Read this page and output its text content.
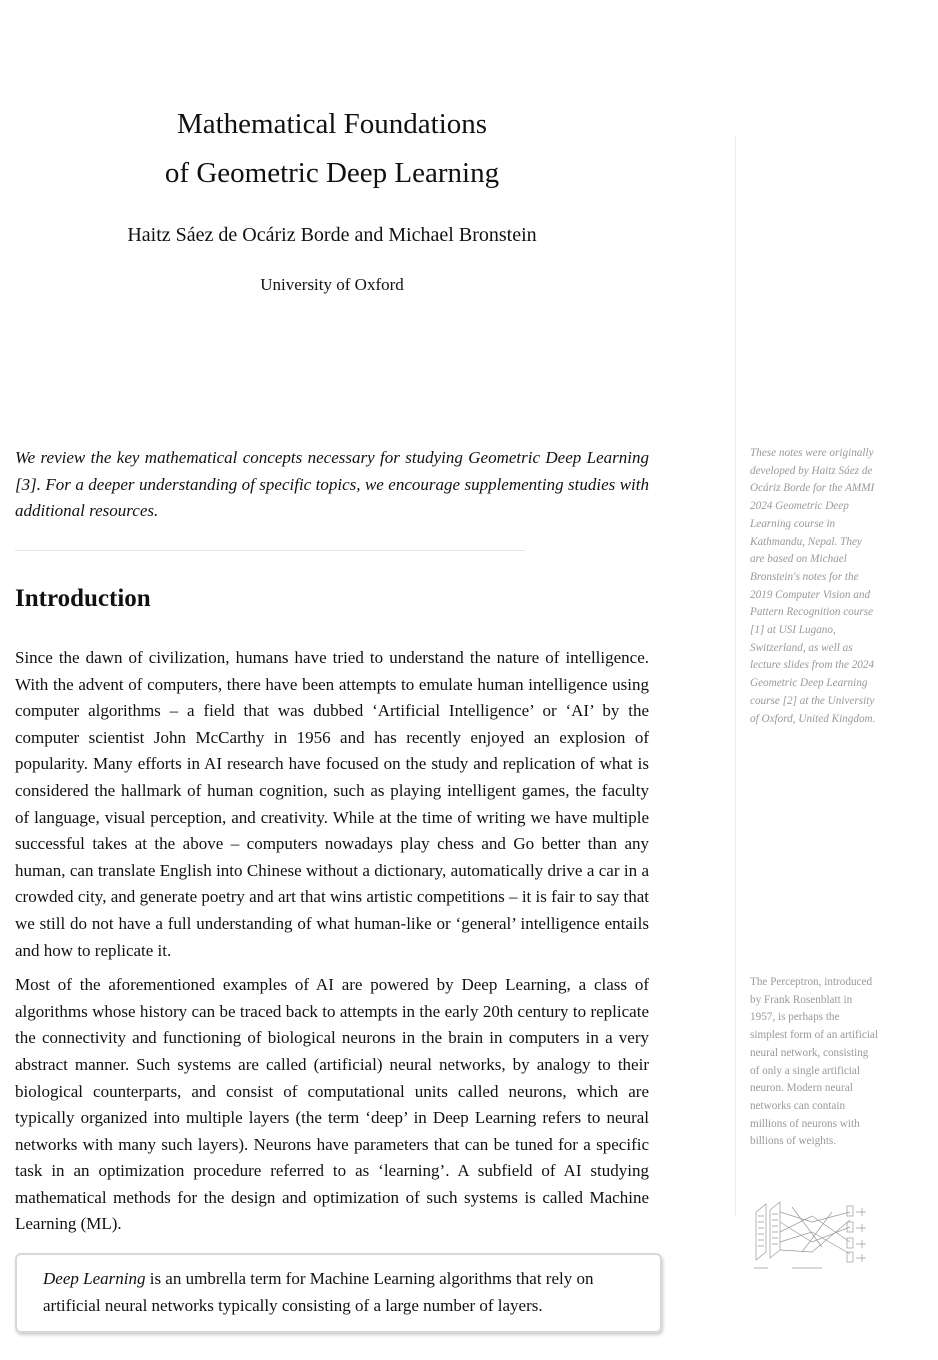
Mathematical Foundations
of Geometric Deep Learning
Haitz Sáez de Ocáriz Borde and Michael Bronstein
University of Oxford
We review the key mathematical concepts necessary for studying Geometric Deep Learning [3]. For a deeper understanding of specific topics, we encourage supplementing studies with additional resources.
Introduction

Since the dawn of civilization, humans have tried to understand the nature of intelligence. With the advent of computers, there have been attempts to emulate human intelligence using computer algorithms – a field that was dubbed ‘Artificial Intelligence’ or ‘AI’ by the computer scientist John McCarthy in 1956 and has recently enjoyed an explosion of popularity. Many efforts in AI research have focused on the study and replication of what is considered the hallmark of human cognition, such as playing intelligent games, the faculty of language, visual perception, and creativity. While at the time of writing we have multiple successful takes at the above – computers nowadays play chess and Go better than any human, can translate English into Chinese without a dictionary, automatically drive a car in a crowded city, and generate poetry and art that wins artistic competitions – it is fair to say that we still do not have a full understanding of what human-like or ‘general’ intelligence entails and how to replicate it.

Most of the aforementioned examples of AI are powered by Deep Learning, a class of algorithms whose history can be traced back to attempts in the early 20th century to replicate the connectivity and functioning of biological neurons in the brain in computers in a very abstract manner. Such systems are called (artificial) neural networks, by analogy to their biological counterparts, and consist of computational units called neurons, which are typically organized into multiple layers (the term ‘deep’ in Deep Learning refers to neural networks with many such layers). Neurons have parameters that can be tuned for a specific task in an optimization procedure referred to as ‘learning’. A subfield of AI studying mathematical methods for the design and optimization of such systems is called Machine Learning (ML).

Deep Learning is an umbrella term for Machine Learning algorithms that rely on artificial neural networks typically consisting of a large number of layers.
These notes were originally developed by Haitz Sáez de Ocáriz Borde for the AMMI 2024 Geometric Deep Learning course in Kathmandu, Nepal. They are based on Michael Bronstein's notes for the 2019 Computer Vision and Pattern Recognition course [1] at USI Lugano, Switzerland, as well as lecture slides from the 2024 Geometric Deep Learning course [2] at the University of Oxford, United Kingdom.
The Perceptron, introduced by Frank Rosenblatt in 1957, is perhaps the simplest form of an artificial neural network, consisting of only a single artificial neuron. Modern neural networks can contain millions of neurons with billions of weights.
